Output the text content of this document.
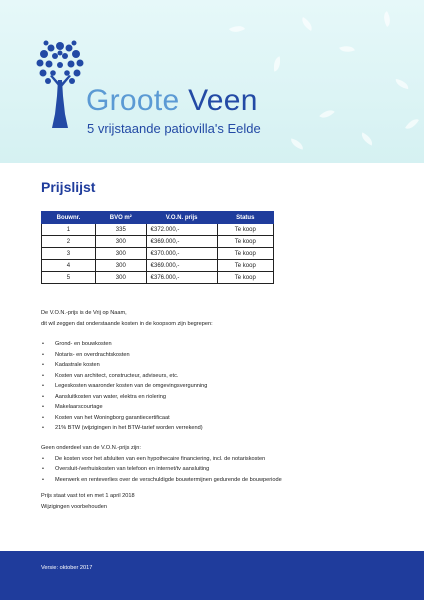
Groote Veen
5 vrijstaande patiovilla's Eelde
Prijslijst
Bouwnr.	BVO m²	V.O.N. prijs	Status
1	335	€372.000,-	Te koop
2	300	€369.000,-	Te koop
3	300	€370.000,-	Te koop
4	300	€369.000,-	Te koop
5	300	€376.000,-	Te koop

De V.O.N.-prijs is de Vrij op Naam,

dit wil zeggen dat onderstaande kosten in de koopsom zijn begrepen:

• Grond- en bouwkosten
• Notaris- en overdrachtskosten
• Kadastrale kosten
• Kosten van architect, constructeur, adviseurs, etc.
• Legeskosten waaronder kosten van de omgevingsvergunning
• Aansluitkosten van water, elektra en riolering
• Makelaarscourtage
• Kosten van het Woningborg garantiecertificaat
• 21% BTW (wijzigingen in het BTW-tarief worden verrekend)

Geen onderdeel van de V.O.N.-prijs zijn:

• De kosten voor het afsluiten van een hypothecaire financiering, incl. de notariskosten
• Oversluit-/verhuiskosten van telefoon en internet/tv aansluiting
• Meerwerk en renteverlies over de verschuldigde bouwtermijnen gedurende de bouwperiode

Prijs staat vast tot en met 1 april 2018

Wijzigingen voorbehouden

Versie: oktober 2017
